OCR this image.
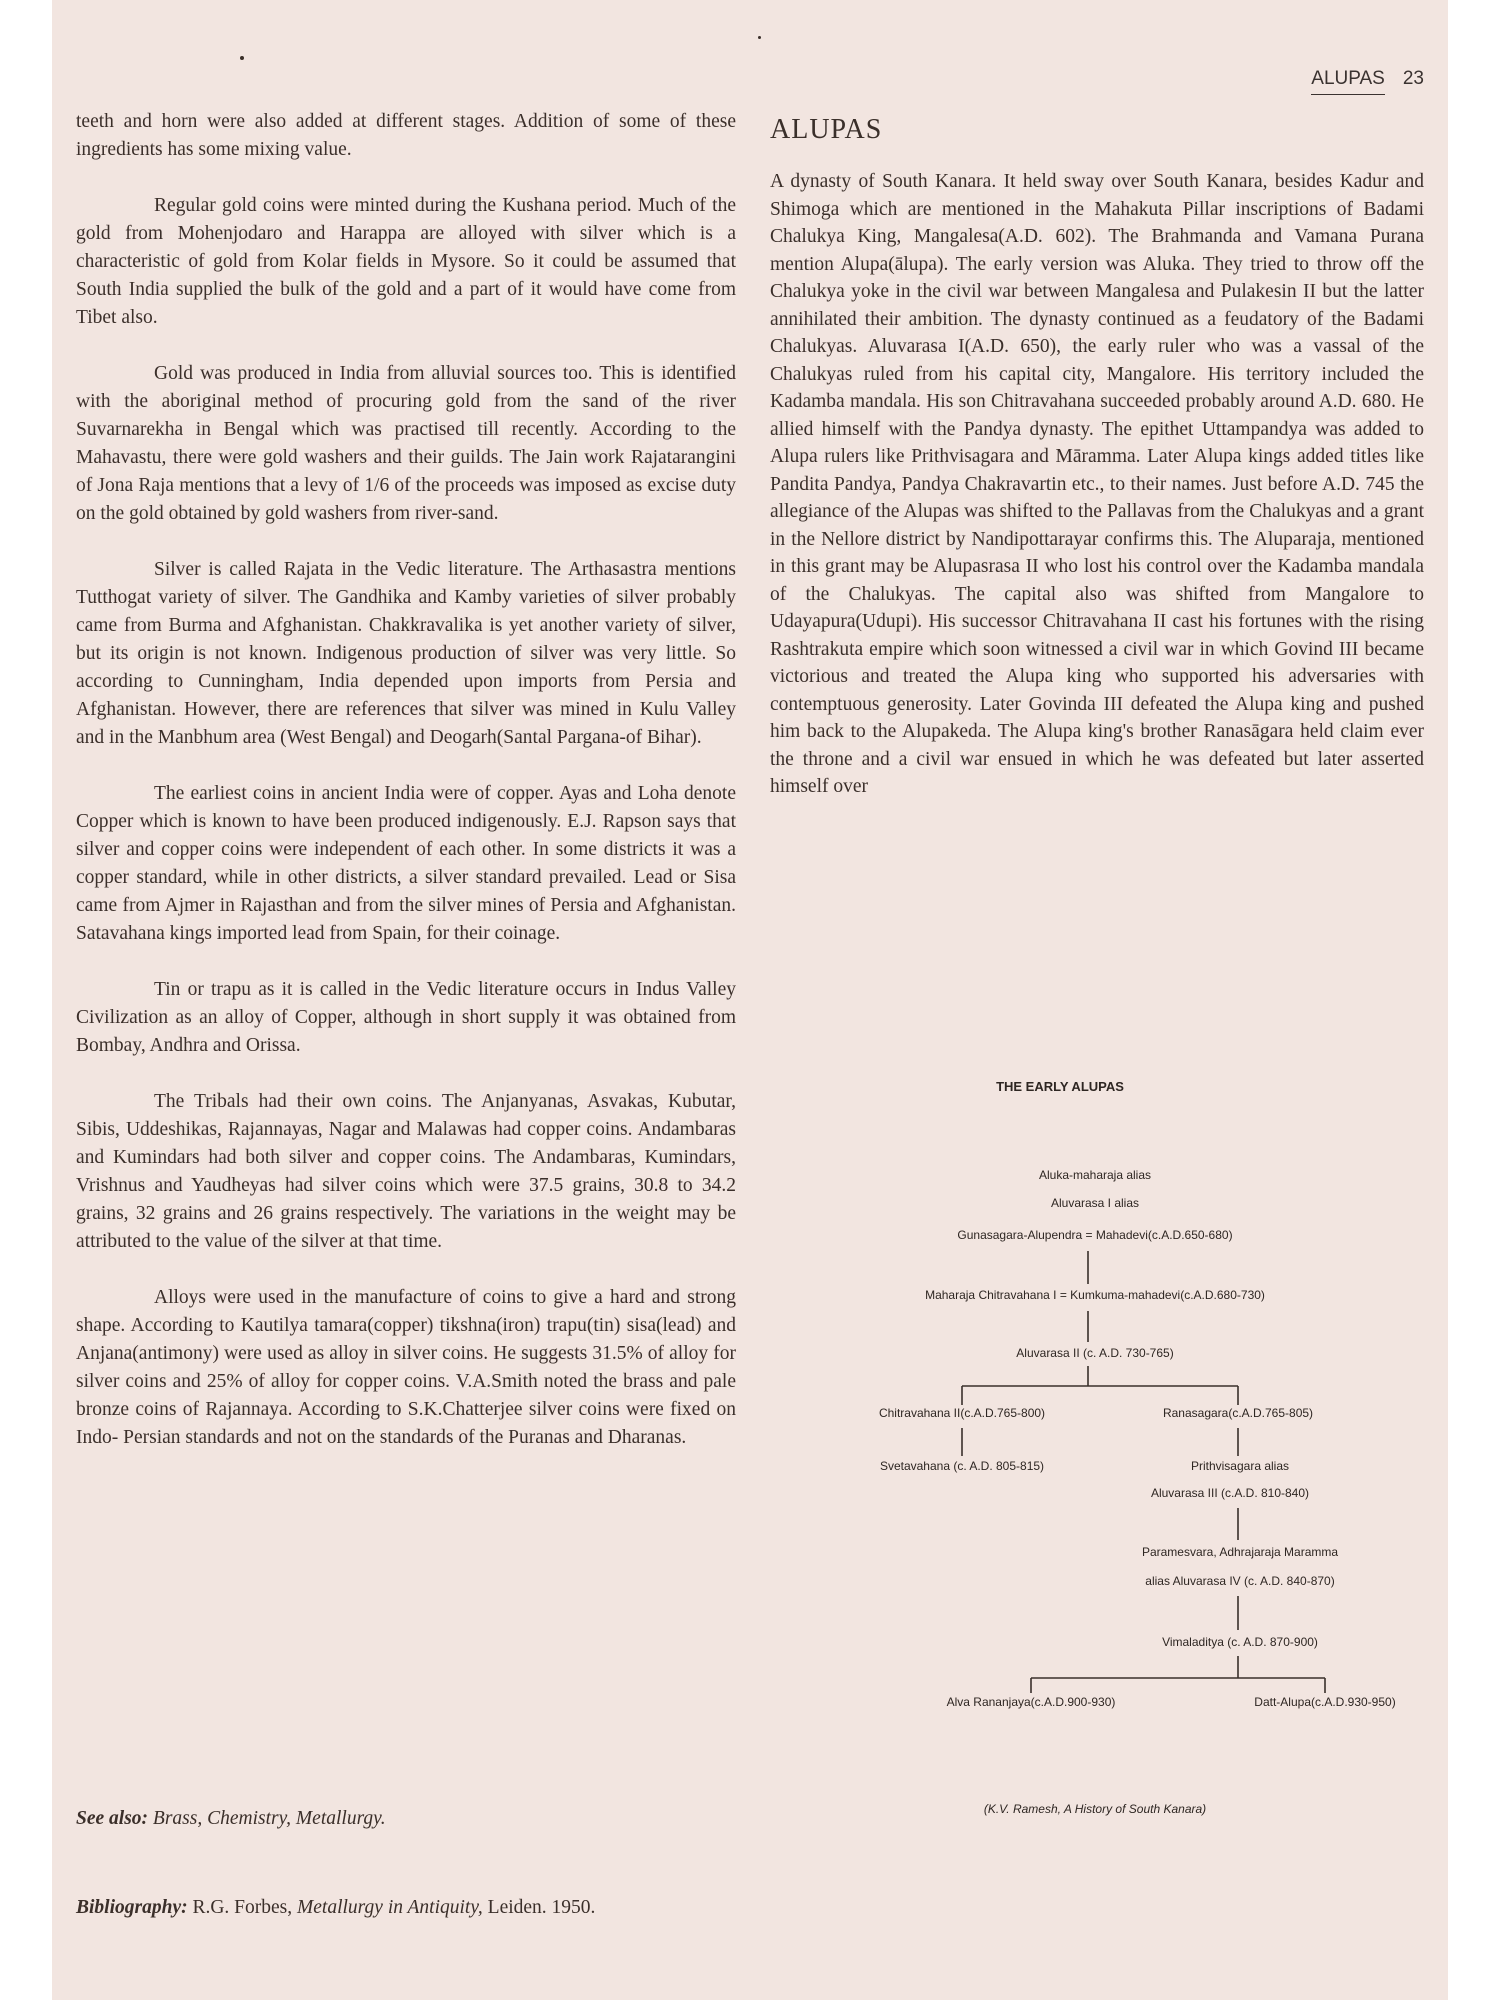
ALUPAS 23

teeth and horn were also added at different stages. Addition of some of these ingredients has some mixing value.

Regular gold coins were minted during the Kushana period. Much of the gold from Mohenjodaro and Harappa are alloyed with silver which is a characteristic of gold from Kolar fields in Mysore. So it could be assumed that South India supplied the bulk of the gold and a part of it would have come from Tibet also.

Gold was produced in India from alluvial sources too. This is identified with the aboriginal method of procuring gold from the sand of the river Suvarnarekha in Bengal which was practised till recently. According to the Mahavastu, there were gold washers and their guilds. The Jain work Rajatarangini of Jona Raja mentions that a levy of 1/6 of the proceeds was imposed as excise duty on the gold obtained by gold washers from river-sand.

Silver is called Rajata in the Vedic literature. The Arthasastra mentions Tutthogat variety of silver. The Gandhika and Kamby varieties of silver probably came from Burma and Afghanistan. Chakkravalika is yet another variety of silver, but its origin is not known. Indigenous production of silver was very little. So according to Cunningham, India depended upon imports from Persia and Afghanistan. However, there are references that silver was mined in Kulu Valley and in the Manbhum area (West Bengal) and Deogarh(Santal Pargana-of Bihar).

The earliest coins in ancient India were of copper. Ayas and Loha denote Copper which is known to have been produced indigenously. E.J. Rapson says that silver and copper coins were independent of each other. In some districts it was a copper standard, while in other districts, a silver standard prevailed. Lead or Sisa came from Ajmer in Rajasthan and from the silver mines of Persia and Afghanistan. Satavahana kings imported lead from Spain, for their coinage.

Tin or trapu as it is called in the Vedic literature occurs in Indus Valley Civilization as an alloy of Copper, although in short supply it was obtained from Bombay, Andhra and Orissa.

The Tribals had their own coins. The Anjanyanas, Asvakas, Kubutar, Sibis, Uddeshikas, Rajannayas, Nagar and Malawas had copper coins. Andambaras and Kumindars had both silver and copper coins. The Andambaras, Kumindars, Vrishnus and Yaudheyas had silver coins which were 37.5 grains, 30.8 to 34.2 grains, 32 grains and 26 grains respectively. The variations in the weight may be attributed to the value of the silver at that time.

Alloys were used in the manufacture of coins to give a hard and strong shape. According to Kautilya tamara(copper) tikshna(iron) trapu(tin) sisa(lead) and Anjana(antimony) were used as alloy in silver coins. He suggests 31.5% of alloy for silver coins and 25% of alloy for copper coins. V.A.Smith noted the brass and pale bronze coins of Rajannaya. According to S.K.Chatterjee silver coins were fixed on Indo- Persian standards and not on the standards of the Puranas and Dharanas.

See also: Brass, Chemistry, Metallurgy.
Bibliography: R.G. Forbes, Metallurgy in Antiquity, Leiden. 1950.
ALUPAS

A dynasty of South Kanara. It held sway over South Kanara, besides Kadur and Shimoga which are mentioned in the Mahakuta Pillar inscriptions of Badami Chalukya King, Mangalesa(A.D. 602). The Brahmanda and Vamana Purana mention Alupa(ālupa). The early version was Aluka. They tried to throw off the Chalukya yoke in the civil war between Mangalesa and Pulakesin II but the latter annihilated their ambition. The dynasty continued as a feudatory of the Badami Chalukyas. Aluvarasa I(A.D. 650), the early ruler who was a vassal of the Chalukyas ruled from his capital city, Mangalore. His territory included the Kadamba mandala. His son Chitravahana succeeded probably around A.D. 680. He allied himself with the Pandya dynasty. The epithet Uttampandya was added to Alupa rulers like Prithvisagara and Māramma. Later Alupa kings added titles like Pandita Pandya, Pandya Chakravartin etc., to their names. Just before A.D. 745 the allegiance of the Alupas was shifted to the Pallavas from the Chalukyas and a grant in the Nellore district by Nandipottarayar confirms this. The Aluparaja, mentioned in this grant may be Alupasrasa II who lost his control over the Kadamba mandala of the Chalukyas. The capital also was shifted from Mangalore to Udayapura(Udupi). His successor Chitravahana II cast his fortunes with the rising Rashtrakuta empire which soon witnessed a civil war in which Govind III became victorious and treated the Alupa king who supported his adversaries with contemptuous generosity. Later Govinda III defeated the Alupa king and pushed him back to the Alupakeda. The Alupa king's brother Ranasāgara held claim ever the throne and a civil war ensued in which he was defeated but later asserted himself over

THE EARLY ALUPAS
Aluka-maharaja alias
Aluvarasa I alias
Gunasagara-Alupendra = Mahadevi(c.A.D.650-680)
Maharaja Chitravahana I = Kumkuma-mahadevi(c.A.D.680-730)
Aluvarasa II (c. A.D. 730-765)
Chitravahana II(c.A.D.765-800)	Ranasagara(c.A.D.765-805)
Svetavahana (c. A.D. 805-815)	Prithvisagara alias
Aluvarasa III (c.A.D. 810-840)
Paramesvara, Adhrajaraja Maramma
alias Aluvarasa IV (c. A.D. 840-870)
Vimaladitya (c. A.D. 870-900)
Alva Rananjaya(c.A.D.900-930)	Datt-Alupa(c.A.D.930-950)
(K.V. Ramesh, A History of South Kanara)
